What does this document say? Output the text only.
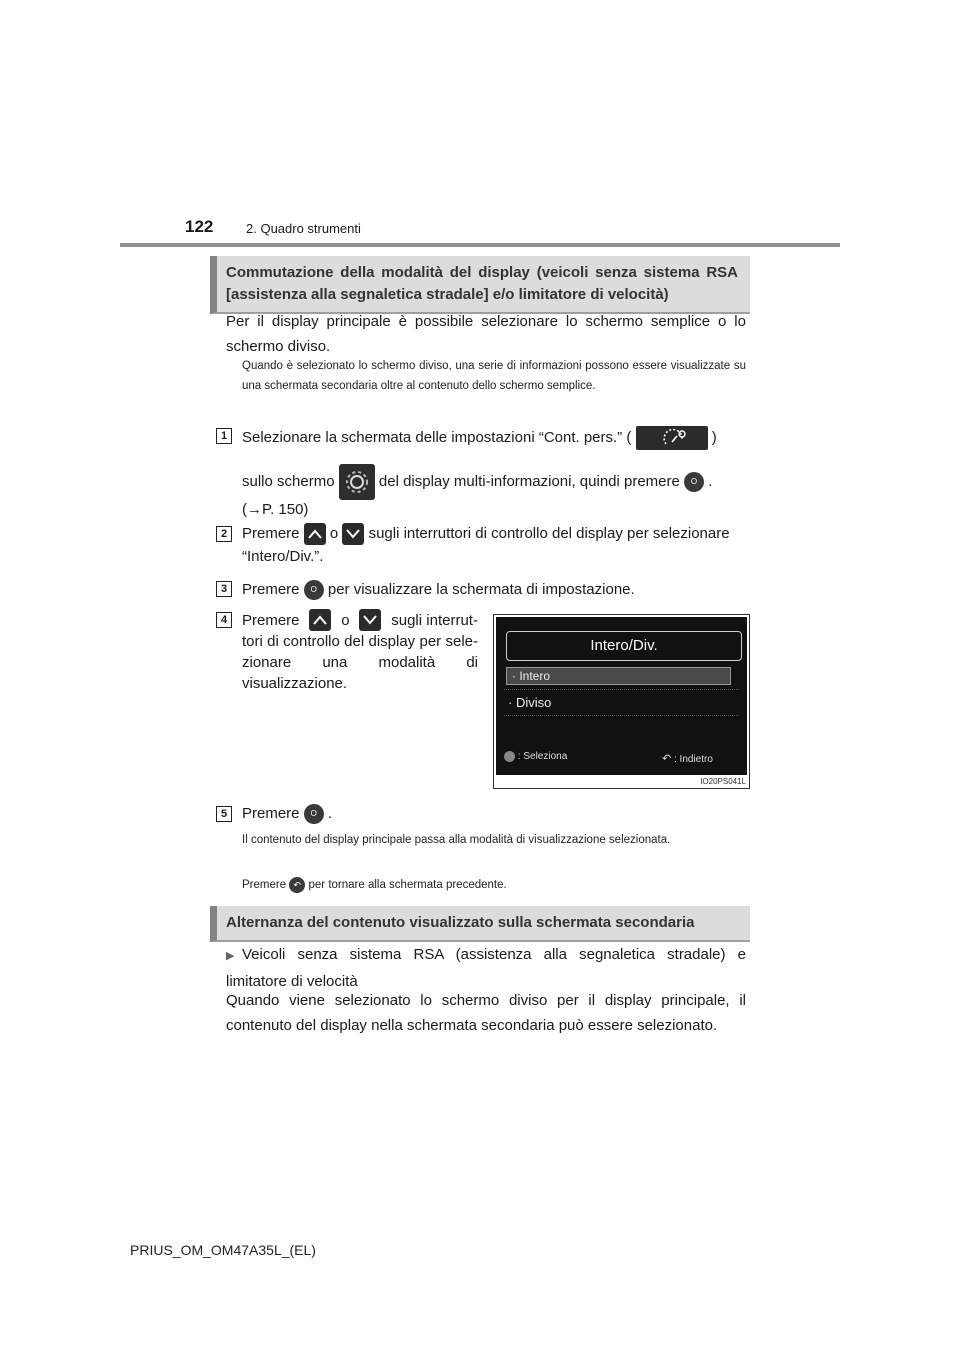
122	2. Quadro strumenti
Commutazione della modalità del display (veicoli senza sistema RSA [assistenza alla segnaletica stradale] e/o limitatore di velocità)
Per il display principale è possibile selezionare lo schermo semplice o lo schermo diviso.
Quando è selezionato lo schermo diviso, una serie di informazioni possono essere visualizzate su una schermata secondaria oltre al contenuto dello schermo semplice.
1 Selezionare la schermata delle impostazioni “Cont. pers.” (	)
sullo schermo	del display multi-informazioni, quindi premere O .
(→P. 150)
2 Premere o sugli interruttori di controllo del display per selezionare
“Intero/Div.”.
3 Premere O per visualizzare la schermata di impostazione.
4 Premere	o	sugli interrut-
tori di controllo del display per sele-
zionare una modalità di
visualizzazione.
Intero/Div.
· Intero
· Diviso
: Seleziona	↶ : Indietro
IO20PS041L
5 Premere O .
Il contenuto del display principale passa alla modalità di visualizzazione selezionata.
Premere ↶ per tornare alla schermata precedente.
Alternanza del contenuto visualizzato sulla schermata secondaria
▶ Veicoli senza sistema RSA (assistenza alla segnaletica stradale) e limitatore di velocità
Quando viene selezionato lo schermo diviso per il display principale, il contenuto del display nella schermata secondaria può essere selezionato.
PRIUS_OM_OM47A35L_(EL)
